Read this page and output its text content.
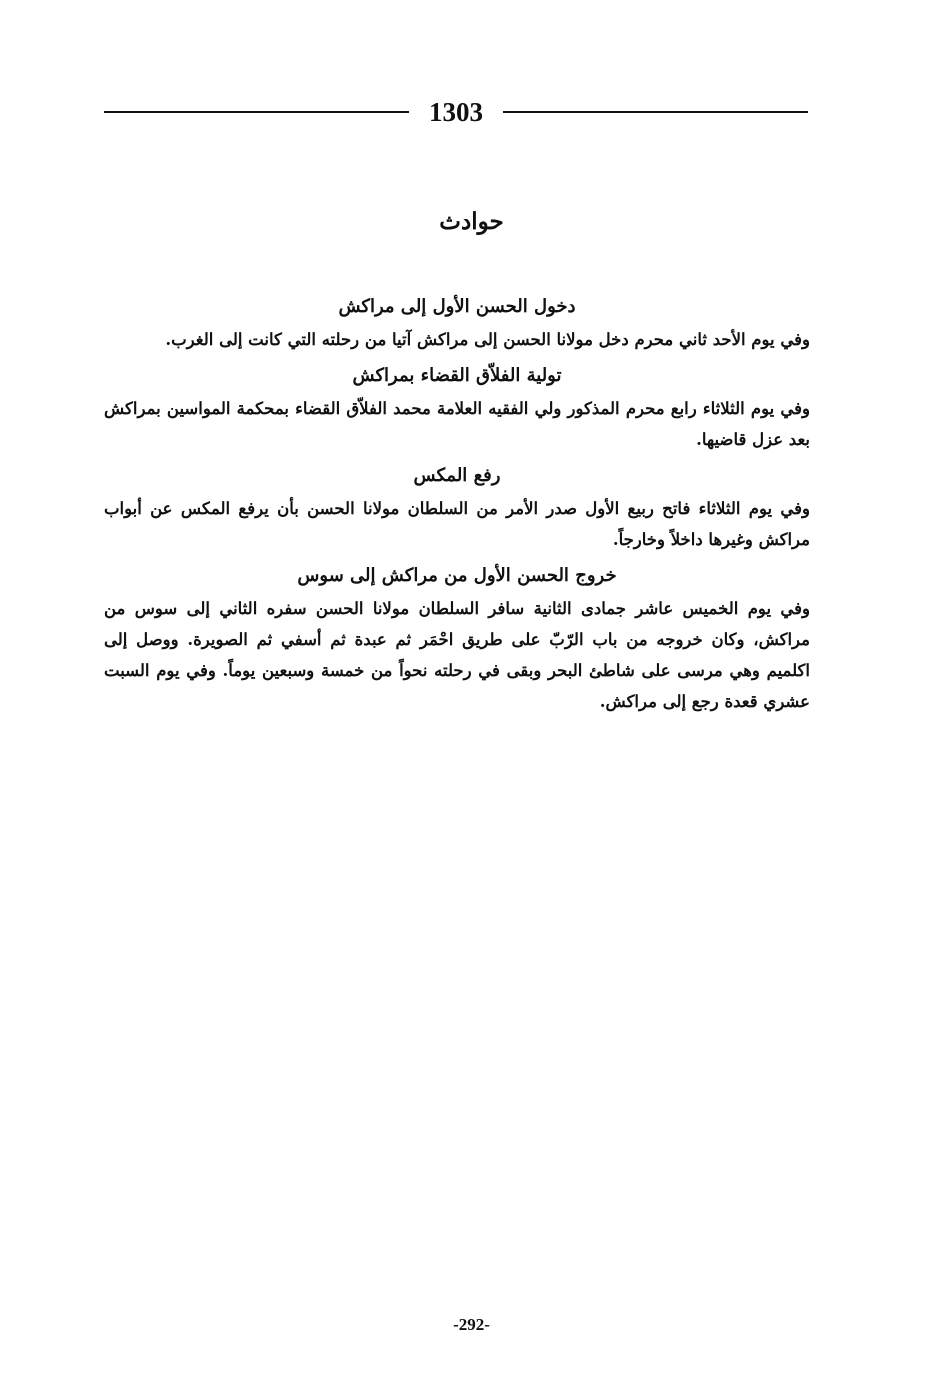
1303
حوادث
دخول الحسن الأول إلى مراكش

وفي يوم الأحد ثاني محرم دخل مولانا الحسن إلى مراكش آتيا من رحلته التي كانت إلى الغرب.

تولية الفلاّق القضاء بمراكش

وفي يوم الثلاثاء رابع محرم المذكور ولي الفقيه العلامة محمد الفلاّق القضاء بمحكمة المواسين بمراكش بعد عزل قاضيها.

رفع المكس

وفي يوم الثلاثاء فاتح ربيع الأول صدر الأمر من السلطان مولانا الحسن بأن يرفع المكس عن أبواب مراكش وغيرها داخلاً وخارجاً.

خروج الحسن الأول من مراكش إلى سوس

وفي يوم الخميس عاشر جمادى الثانية سافر السلطان مولانا الحسن سفره الثاني إلى سوس من مراكش، وكان خروجه من باب الرّبّ على طريق احْمَر ثم عبدة ثم أسفي ثم الصويرة. ووصل إلى اكلميم وهي مرسى على شاطئ البحر وبقى في رحلته نحواً من خمسة وسبعين يوماً. وفي يوم السبت عشري قعدة رجع إلى مراكش.

-292-
